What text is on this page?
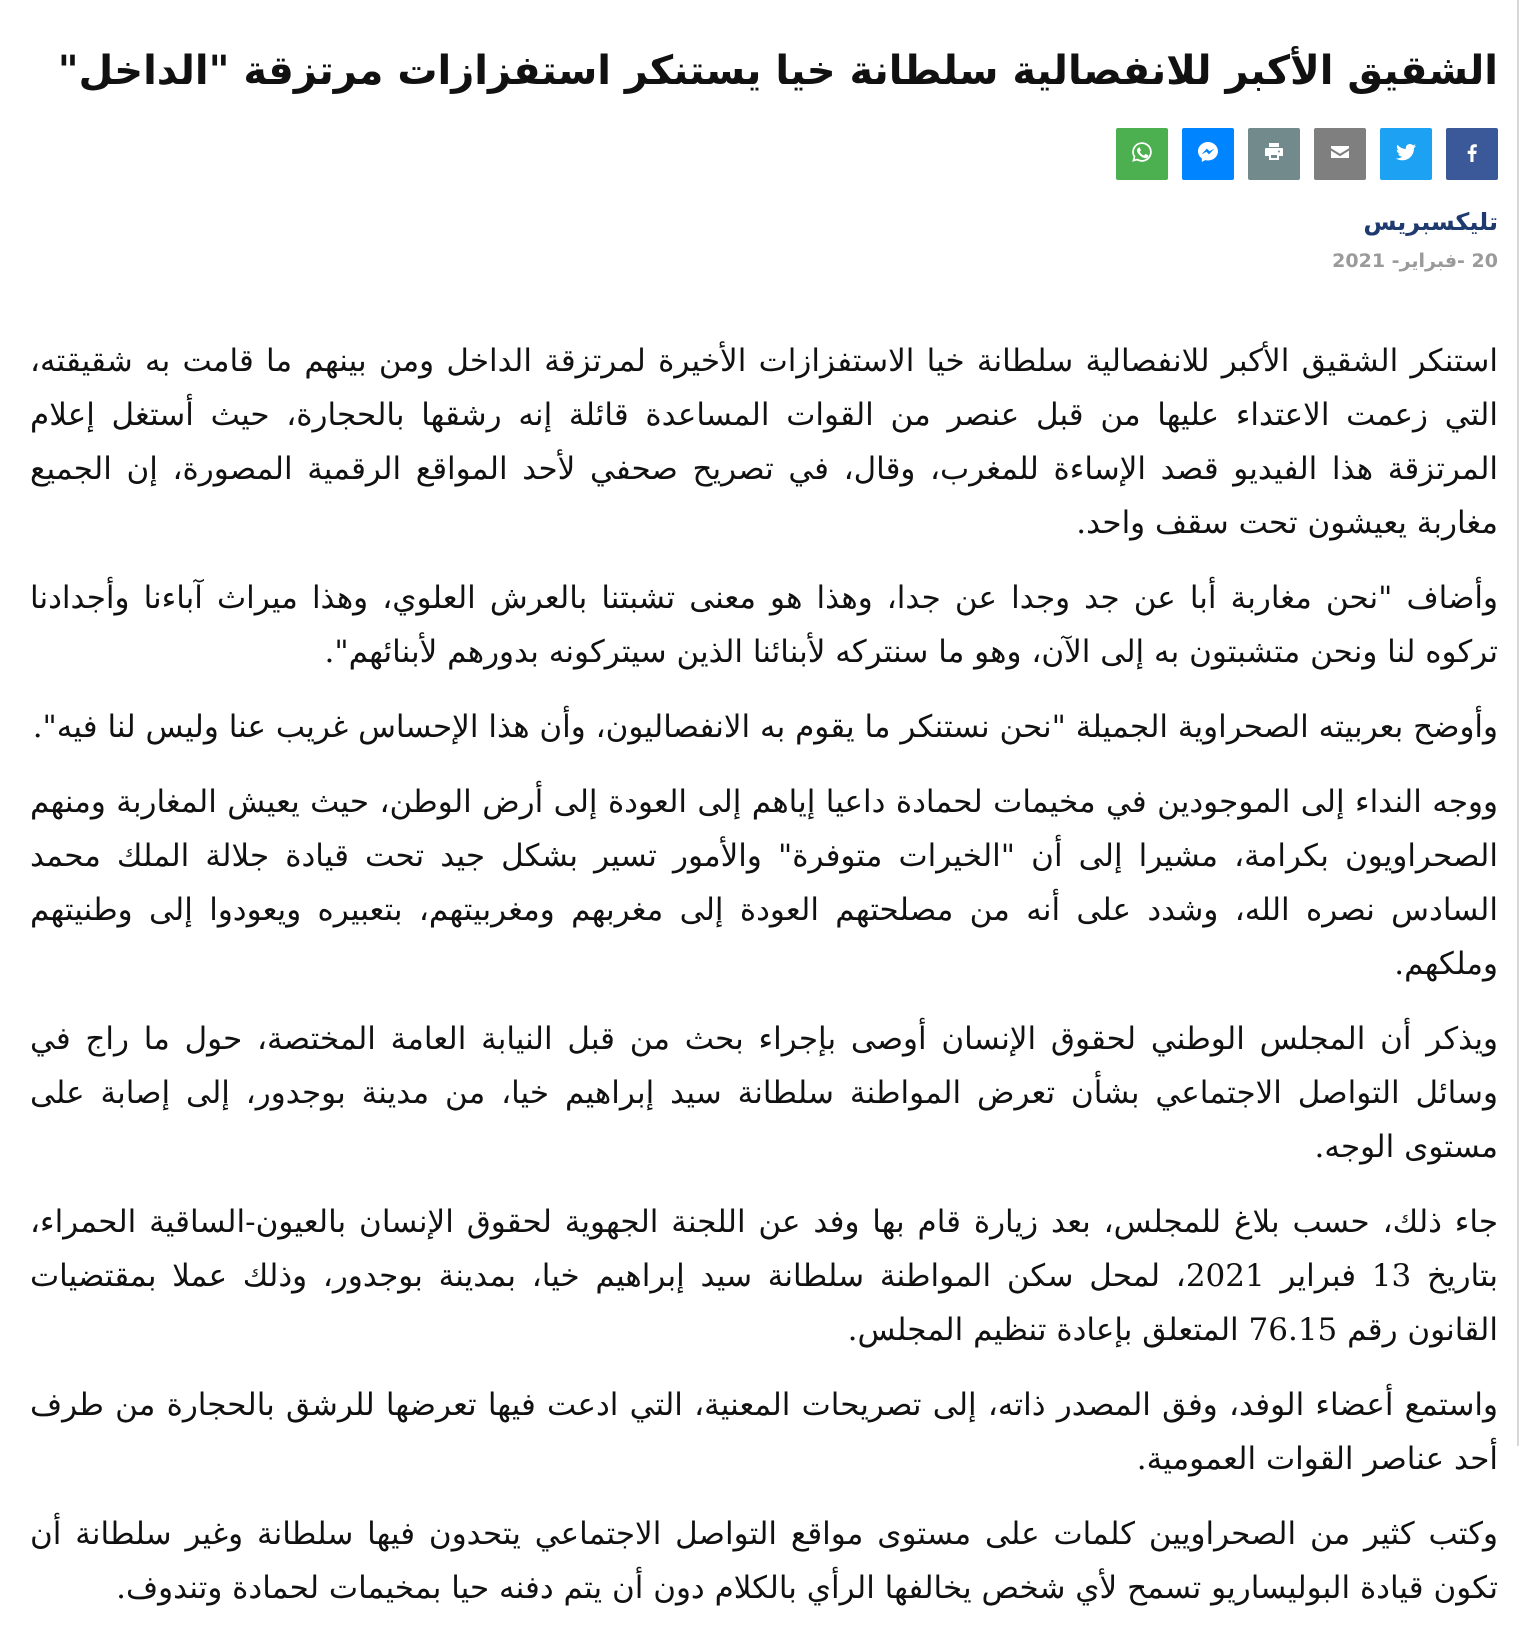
الشقيق الأكبر للانفصالية سلطانة خيا يستنكر استفزازات مرتزقة "الداخل"
تليكسبريس
20 -فبراير- 2021

استنكر الشقيق الأكبر للانفصالية سلطانة خيا الاستفزازات الأخيرة لمرتزقة الداخل ومن بينهم ما قامت به شقيقته، التي زعمت الاعتداء عليها من قبل عنصر من القوات المساعدة قائلة إنه رشقها بالحجارة، حيث أستغل إعلام المرتزقة هذا الفيديو قصد الإساءة للمغرب، وقال، في تصريح صحفي لأحد المواقع الرقمية المصورة، إن الجميع مغاربة يعيشون تحت سقف واحد.

وأضاف "نحن مغاربة أبا عن جد وجدا عن جدا، وهذا هو معنى تشبتنا بالعرش العلوي، وهذا ميراث آباءنا وأجدادنا تركوه لنا ونحن متشبتون به إلى الآن، وهو ما سنتركه لأبنائنا الذين سيتركونه بدورهم لأبنائهم".

وأوضح بعربيته الصحراوية الجميلة "نحن نستنكر ما يقوم به الانفصاليون، وأن هذا الإحساس غريب عنا وليس لنا فيه".

ووجه النداء إلى الموجودين في مخيمات لحمادة داعيا إياهم إلى العودة إلى أرض الوطن، حيث يعيش المغاربة ومنهم الصحراويون بكرامة، مشيرا إلى أن "الخيرات متوفرة" والأمور تسير بشكل جيد تحت قيادة جلالة الملك محمد السادس نصره الله، وشدد على أنه من مصلحتهم العودة إلى مغربهم ومغربيتهم، بتعبيره ويعودوا إلى وطنيتهم وملكهم.

ويذكر أن المجلس الوطني لحقوق الإنسان أوصى بإجراء بحث من قبل النيابة العامة المختصة، حول ما راج في وسائل التواصل الاجتماعي بشأن تعرض المواطنة سلطانة سيد إبراهيم خيا، من مدينة بوجدور، إلى إصابة على مستوى الوجه.

جاء ذلك، حسب بلاغ للمجلس، بعد زيارة قام بها وفد عن اللجنة الجهوية لحقوق الإنسان بالعيون-الساقية الحمراء، بتاريخ 13 فبراير 2021، لمحل سكن المواطنة سلطانة سيد إبراهيم خيا، بمدينة بوجدور، وذلك عملا بمقتضيات القانون رقم 76.15 المتعلق بإعادة تنظيم المجلس.

واستمع أعضاء الوفد، وفق المصدر ذاته، إلى تصريحات المعنية، التي ادعت فيها تعرضها للرشق بالحجارة من طرف أحد عناصر القوات العمومية.

وكتب كثير من الصحراويين كلمات على مستوى مواقع التواصل الاجتماعي يتحدون فيها سلطانة وغير سلطانة أن تكون قيادة البوليساريو تسمح لأي شخص يخالفها الرأي بالكلام دون أن يتم دفنه حيا بمخيمات لحمادة وتندوف.
